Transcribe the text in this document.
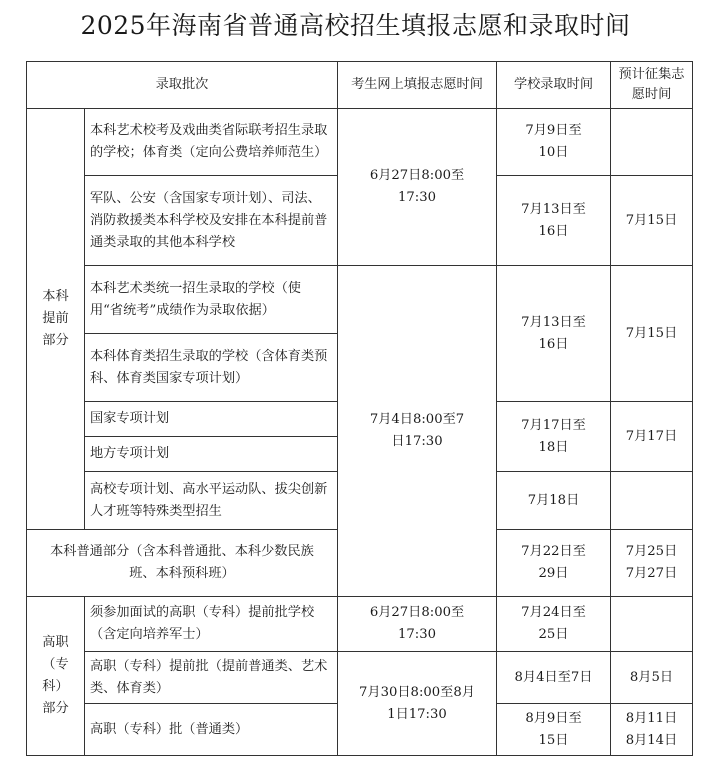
2025年海南省普通高校招生填报志愿和录取时间
录取批次		考生网上填报志愿时间	学校录取时间	预计征集志愿时间

本科提前部分	本科艺术校考及戏曲类省际联考招生录取的学校；体育类（定向公费培养师范生）	6月27日8:00至17:30	7月9日至10日	

	军队、公安（含国家专项计划）、司法、消防救援类本科学校及安排在本科提前普通类录取的其他本科学校		7月13日至16日	7月15日
	本科艺术类统一招生录取的学校（使用“省统考”成绩作为录取依据）	7月4日8:00至7日17:30	7月13日至16日	7月15日
	本科体育类招生录取的学校（含体育类预科、体育类国家专项计划）			
	国家专项计划		7月17日至18日	7月17日
	地方专项计划			
	高校专项计划、高水平运动队、拔尖创新人才班等特殊类型招生		7月18日	
本科普通部分（含本科普通批、本科少数民族班、本科预科班）			7月22日至29日	7月25日 7月27日

高职（专科）部分	须参加面试的高职（专科）提前批学校（含定向培养军士）	6月27日8:00至17:30	7月24日至25日	

	高职（专科）提前批（提前普通类、艺术类、体育类）	7月30日8:00至8月1日17:30	8月4日至7日	8月5日
	高职（专科）批（普通类）		8月9日至15日	8月11日 8月14日
